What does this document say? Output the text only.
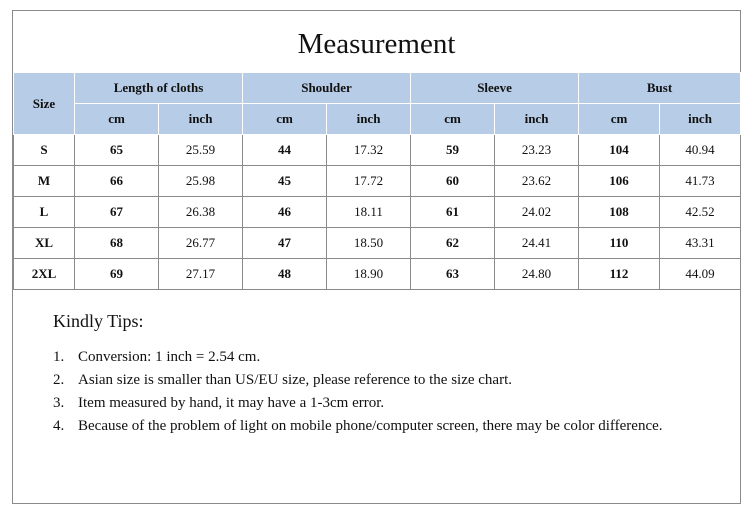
Measurement
Size	Length of cloths		Shoulder		Sleeve		Bust	
	cm	inch	cm	inch	cm	inch	cm	inch
S	65	25.59	44	17.32	59	23.23	104	40.94
M	66	25.98	45	17.72	60	23.62	106	41.73
L	67	26.38	46	18.11	61	24.02	108	42.52
XL	68	26.77	47	18.50	62	24.41	110	43.31
2XL	69	27.17	48	18.90	63	24.80	112	44.09
Kindly Tips:
1. Conversion: 1 inch = 2.54 cm.
2. Asian size is smaller than US/EU size, please reference to the size chart.
3. Item measured by hand, it may have a 1-3cm error.
4. Because of the problem of light on mobile phone/computer screen, there may be color difference.
